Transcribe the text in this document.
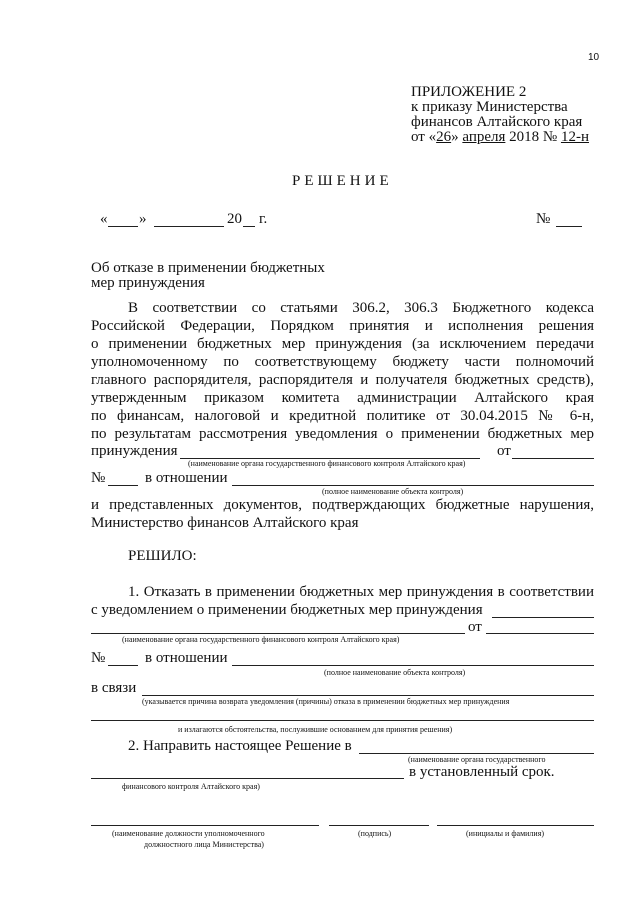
10
ПРИЛОЖЕНИЕ 2
к приказу Министерства
финансов Алтайского края
от «26» апреля 2018 № 12-н
РЕШЕНИЕ
« »	20 г.	№
Об отказе в применении бюджетных
мер принуждения
В соответствии со статьями 306.2, 306.3 Бюджетного кодекса
Российской Федерации, Порядком принятия и исполнения решения
о применении бюджетных мер принуждения (за исключением передачи
уполномоченному по соответствующему бюджету части полномочий
главного распорядителя, распорядителя и получателя бюджетных средств),
утвержденным приказом комитета администрации Алтайского края
по финансам, налоговой и кредитной политике от 30.04.2015 № 6-н,
по результатам рассмотрения уведомления о применении бюджетных мер
принуждения	от
(наименование органа государственного финансового контроля Алтайского края)
№	в отношении
(полное наименование объекта контроля)
и представленных документов, подтверждающих бюджетные нарушения,
Министерство финансов Алтайского края
РЕШИЛО:
1. Отказать в применении бюджетных мер принуждения в соответствии
с уведомлением о применении бюджетных мер принуждения
от
(наименование органа государственного финансового контроля Алтайского края)
№	в отношении
(полное наименование объекта контроля)
в связи
(указывается причина возврата уведомления (причины) отказа в применении бюджетных мер принуждения
и излагаются обстоятельства, послужившие основанием для принятия решения)
2. Направить настоящее Решение в
(наименование органа государственного
в установленный срок.
финансового контроля Алтайского края)
(наименование должности уполномоченного
должностного лица Министерства)
(подпись)	(инициалы и фамилия)
